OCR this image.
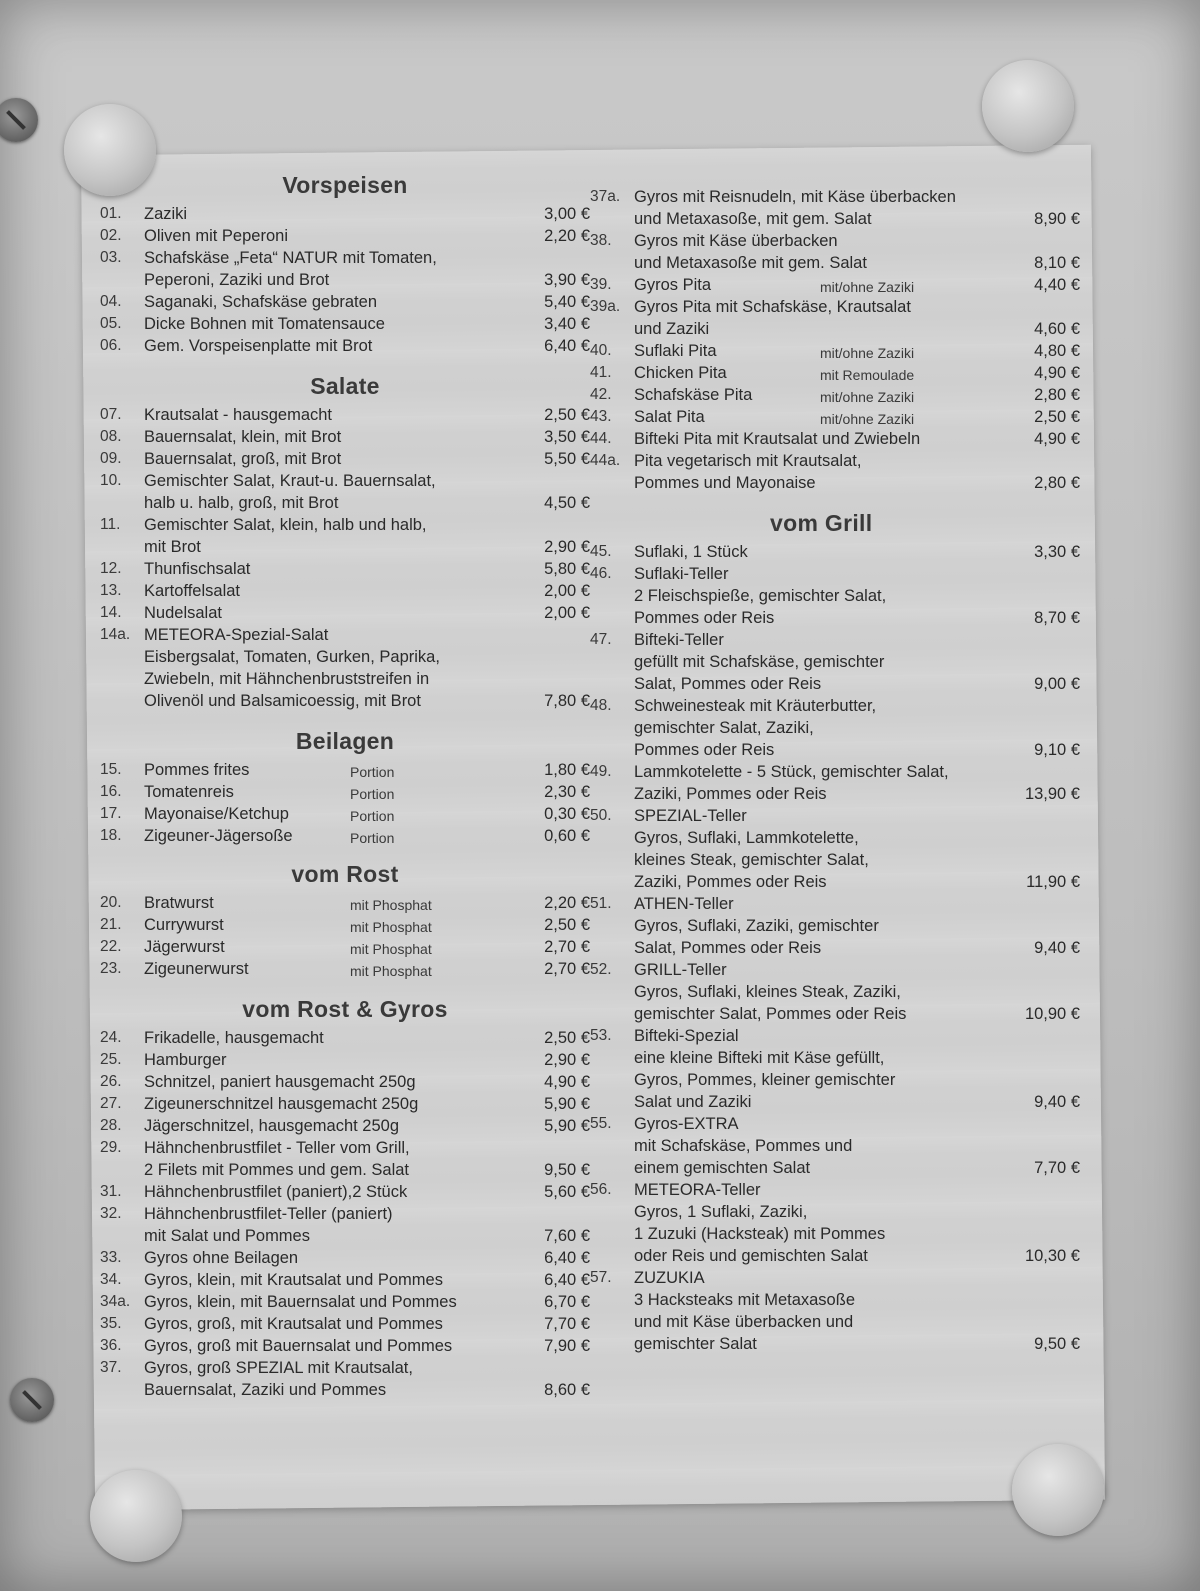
Vorspeisen
01.	Zaziki	3,00 €
02.	Oliven mit Peperoni	2,20 €
03.	Schafskäse „Feta“ NATUR mit Tomaten,
Peperoni, Zaziki und Brot	3,90 €
04.	Saganaki, Schafskäse gebraten	5,40 €
05.	Dicke Bohnen mit Tomatensauce	3,40 €
06.	Gem. Vorspeisenplatte mit Brot	6,40 €
Salate
07.	Krautsalat - hausgemacht	2,50 €
08.	Bauernsalat, klein, mit Brot	3,50 €
09.	Bauernsalat, groß, mit Brot	5,50 €
10.	Gemischter Salat, Kraut-u. Bauernsalat,
halb u. halb, groß, mit Brot	4,50 €
11.	Gemischter Salat, klein, halb und halb,
mit Brot	2,90 €
12.	Thunfischsalat	5,80 €
13.	Kartoffelsalat	2,00 €
14.	Nudelsalat	2,00 €
14a. METEORA-Spezial-Salat
Eisbergsalat, Tomaten, Gurken, Paprika,
Zwiebeln, mit Hähnchenbruststreifen in
Olivenöl und Balsamicoessig, mit Brot	7,80 €
Beilagen
15.	Pommes frites	Portion	1,80 €
16.	Tomatenreis	Portion	2,30 €
17.	Mayonaise/Ketchup	Portion	0,30 €
18.	Zigeuner-Jägersoße	Portion	0,60 €
vom Rost
20.	Bratwurst	mit Phosphat	2,20 €
21.	Currywurst	mit Phosphat	2,50 €
22.	Jägerwurst	mit Phosphat	2,70 €
23.	Zigeunerwurst	mit Phosphat	2,70 €
vom Rost & Gyros
24.	Frikadelle, hausgemacht	2,50 €
25.	Hamburger	2,90 €
26.	Schnitzel, paniert hausgemacht 250g	4,90 €
27.	Zigeunerschnitzel hausgemacht 250g	5,90 €
28.	Jägerschnitzel, hausgemacht 250g	5,90 €
29.	Hähnchenbrustfilet - Teller vom Grill,
2 Filets mit Pommes und gem. Salat	9,50 €
31.	Hähnchenbrustfilet (paniert),2 Stück	5,60 €
32.	Hähnchenbrustfilet-Teller (paniert)
mit Salat und Pommes	7,60 €
33.	Gyros ohne Beilagen	6,40 €
34.	Gyros, klein, mit Krautsalat und Pommes	6,40 €
34a. Gyros, klein, mit Bauernsalat und Pommes	6,70 €
35.	Gyros, groß, mit Krautsalat und Pommes	7,70 €
36.	Gyros, groß mit Bauernsalat und Pommes	7,90 €
37.	Gyros, groß SPEZIAL mit Krautsalat,
Bauernsalat, Zaziki und Pommes	8,60 €
37a. Gyros mit Reisnudeln, mit Käse überbacken
und Metaxasoße, mit gem. Salat	8,90 €
38.	Gyros mit Käse überbacken
und Metaxasoße mit gem. Salat	8,10 €
39.	Gyros Pita	mit/ohne Zaziki	4,40 €
39a. Gyros Pita mit Schafskäse, Krautsalat
und Zaziki	4,60 €
40.	Suflaki Pita	mit/ohne Zaziki	4,80 €
41.	Chicken Pita	mit Remoulade	4,90 €
42.	Schafskäse Pita	mit/ohne Zaziki	2,80 €
43.	Salat Pita	mit/ohne Zaziki	2,50 €
44.	Bifteki Pita mit Krautsalat und Zwiebeln	4,90 €
44a. Pita vegetarisch mit Krautsalat,
Pommes und Mayonaise	2,80 €
vom Grill
45.	Suflaki, 1 Stück	3,30 €
46.	Suflaki-Teller
2 Fleischspieße, gemischter Salat,
Pommes oder Reis	8,70 €
47.	Bifteki-Teller
gefüllt mit Schafskäse, gemischter
Salat, Pommes oder Reis	9,00 €
48.	Schweinesteak mit Kräuterbutter,
gemischter Salat, Zaziki,
Pommes oder Reis	9,10 €
49.	Lammkotelette - 5 Stück, gemischter Salat,
Zaziki, Pommes oder Reis	13,90 €
50.	SPEZIAL-Teller
Gyros, Suflaki, Lammkotelette,
kleines Steak, gemischter Salat,
Zaziki, Pommes oder Reis	11,90 €
51.	ATHEN-Teller
Gyros, Suflaki, Zaziki, gemischter
Salat, Pommes oder Reis	9,40 €
52.	GRILL-Teller
Gyros, Suflaki, kleines Steak, Zaziki,
gemischter Salat, Pommes oder Reis	10,90 €
53.	Bifteki-Spezial
eine kleine Bifteki mit Käse gefüllt,
Gyros, Pommes, kleiner gemischter
Salat und Zaziki	9,40 €
55.	Gyros-EXTRA
mit Schafskäse, Pommes und
einem gemischten Salat	7,70 €
56.	METEORA-Teller
Gyros, 1 Suflaki, Zaziki,
1 Zuzuki (Hacksteak) mit Pommes
oder Reis und gemischten Salat	10,30 €
57.	ZUZUKIA
3 Hacksteaks mit Metaxasoße
und mit Käse überbacken und
gemischter Salat	9,50 €
